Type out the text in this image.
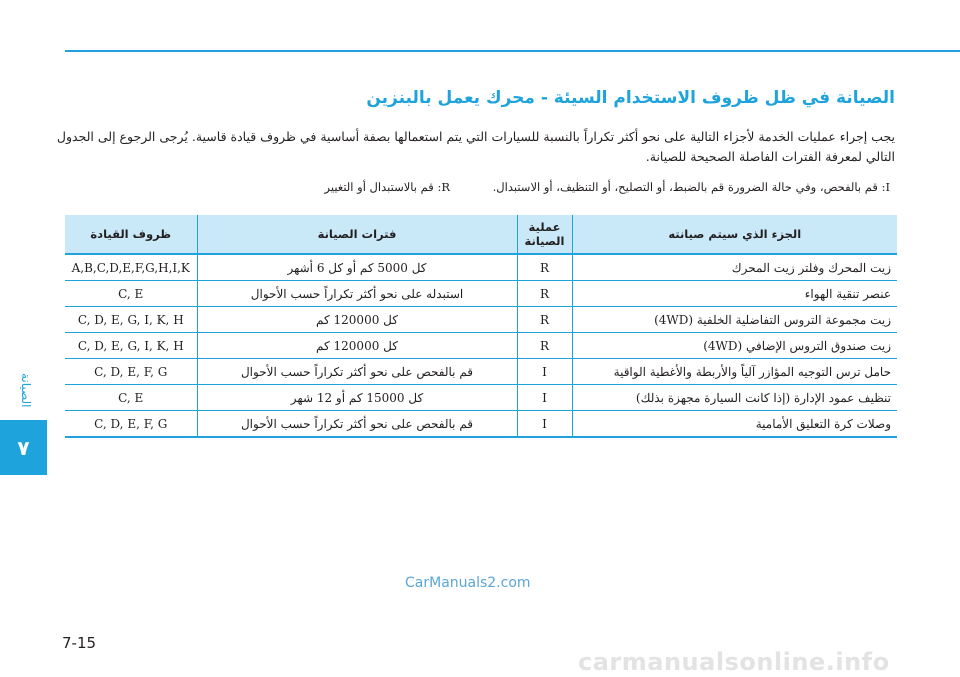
الصيانة
٧
الصيانة في ظل ظروف الاستخدام السيئة - محرك يعمل بالبنزين
يجب إجراء عمليات الخدمة لأجزاء التالية على نحو أكثر تكراراً بالنسبة للسيارات التي يتم استعمالها بصفة أساسية في ظروف قيادة قاسية. يُرجى الرجوع إلى الجدول التالي لمعرفة الفترات الفاصلة الصحيحة للصيانة.
I: قم بالفحص، وفي حالة الضرورة قم بالضبط، أو التصليح، أو التنظيف، أو الاستبدال.
R: قم بالاستبدال أو التغيير
الجزء الذي سيتم صيانته	عملية الصيانة	فترات الصيانة	ظروف القيادة
زيت المحرك وفلتر زيت المحرك	R	كل 5000 كم أو كل 6 أشهر	A,B,C,D,E,F,G,H,I,K
عنصر تنقية الهواء	R	استبدله على نحو أكثر تكراراً حسب الأحوال	C, E
زيت مجموعة التروس التفاضلية الخلفية (4WD)	R	كل 120000 كم	C, D, E, G, I, K, H
زيت صندوق التروس الإضافي (4WD)	R	كل 120000 كم	C, D, E, G, I, K, H
حامل ترس التوجيه المؤازر آلياً والأربطة والأغطية الواقية	I	قم بالفحص على نحو أكثر تكراراً حسب الأحوال	C, D, E, F, G
تنظيف عمود الإدارة (إذا كانت السيارة مجهزة بذلك)	I	كل 15000 كم أو 12 شهر	C, E
وصلات كرة التعليق الأمامية	I	قم بالفحص على نحو أكثر تكراراً حسب الأحوال	C, D, E, F, G
CarManuals2.com
7-15
carmanualsonline.info
